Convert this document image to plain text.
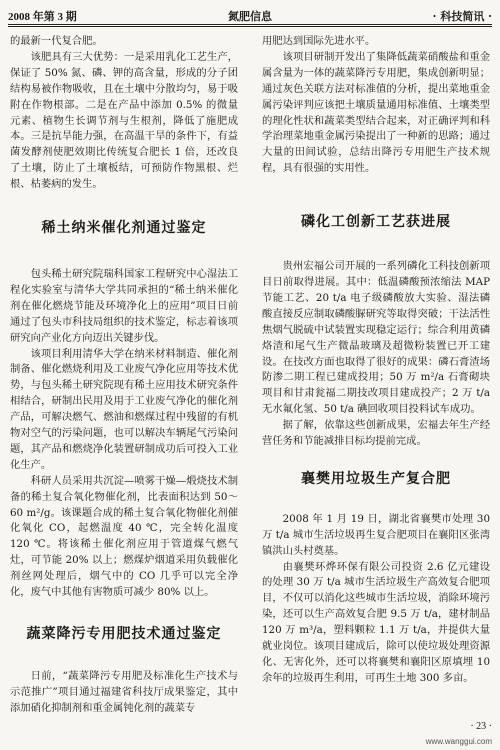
2008 年第 3 期	氮肥信息	· 科技简讯 ·

的最新一代复合肥。

该肥具有三大优势：一是采用乳化工艺生产，保证了 50% 氮、磷、钾的高含量，形成的分子团结构易被作物吸收，且在土壤中分散均匀，易于吸附在作物根部。二是在产品中添加 0.5% 的微量元素、植物生长调节剂与生根剂，降低了施肥成本。三是抗旱能力强，在高温干旱的条件下，有益菌发酵剂使肥效期比传统复合肥长 1 倍，还改良了土壤，防止了土壤板结，可预防作物黑根、烂根、枯萎病的发生。

稀土纳米催化剂通过鉴定

包头稀土研究院瑞科国家工程研究中心湿法工程化实验室与清华大学共同承担的“稀土纳米催化剂在催化燃烧节能及环境净化上的应用”项目日前通过了包头市科技局组织的技术鉴定，标志着该项研究向产业化方向迈出关键步伐。

该项目利用清华大学在纳米材料制造、催化剂制备、催化燃烧利用及工业废气净化应用等技术优势，与包头稀土研究院现有稀土应用技术研究条件相结合，研制出民用及用于工业废气净化的催化剂产品，可解决燃气、燃油和燃煤过程中残留的有机物对空气的污染问题，也可以解决车辆尾气污染问题，其产品和燃烧净化装置研制成功后可投入工业化生产。

科研人员采用共沉淀—喷雾干燥—煅烧技术制备的稀土复合氧化物催化剂，比表面积达到 50～60 m²/g。该课题合成的稀土复合氧化物催化剂催化氧化 CO，起燃温度 40 ℃，完全转化温度 120 ℃。将该稀土催化剂应用于管道煤气燃气灶，可节能 20% 以上；燃煤炉烟道采用负载催化剂丝网处理后，烟气中的 CO 几乎可以完全净化，废气中其他有害物质可减少 80% 以上。

蔬菜降污专用肥技术通过鉴定

日前，“蔬菜降污专用肥及标准化生产技术与示范推广”项目通过福建省科技厅成果鉴定，其中添加硝化抑制剂和重金属钝化剂的蔬菜专

用肥达到国际先进水平。

该项目研制开发出了集降低蔬菜硝酸盐和重金属含量为一体的蔬菜降污专用肥，集成创新明显；通过灰色关联方法对标准值的分析，提出菜地重金属污染评判应该把土壤质量通用标准值、土壤类型的理化性状和蔬菜类型结合起来，对正确评判和科学治理菜地重金属污染提出了一种新的思路；通过大量的田间试验，总结出降污专用肥生产技术规程，具有很强的实用性。

磷化工创新工艺获进展

贵州宏福公司开展的一系列磷化工科技创新项目日前取得进展。其中：低温磷酸预浓缩法 MAP 节能工艺、20 t/a 电子级磷酸放大实验、湿法磷酸直接反应制取磷酸脲研究等取得突破；干法活性焦烟气脱硫中试装置实现稳定运行；综合利用黄磷烙渣和尾气生产微晶玻璃及超微粉装置已开工建设。在技改方面也取得了很好的成果：磷石膏渣场防渗二期工程已建成投用；50 万 m²/a 石膏砌块项目和甘肃瓮福二期技改项目建成投产；2 万 t/a 无水氟化氢、50 t/a 碘回收项目投料试车成功。

据了解，依靠这些创新成果，宏福去年生产经营任务和节能减排目标均提前完成。

襄樊用垃圾生产复合肥

2008 年 1 月 19 日，湖北省襄樊市处理 30 万 t/a 城市生活垃圾再生复合肥项目在襄阳区张湾镇洪山头村奠基。

由襄樊环烨环保有限公司投资 2.6 亿元建设的处理 30 万 t/a 城市生活垃圾生产高效复合肥项目，不仅可以消化这些城市生活垃圾，消除环境污染，还可以生产高效复合肥 9.5 万 t/a，建材制品 120 万 m³/a，塑料颗粒 1.1 万 t/a，并提供大量就业岗位。该项目建成后，除可以使垃圾处理资源化、无害化外，还可以将襄樊和襄阳区原填埋 10 余年的垃圾再生利用，可再生土地 300 多亩。

· 23 ·
www.wanggui.com
